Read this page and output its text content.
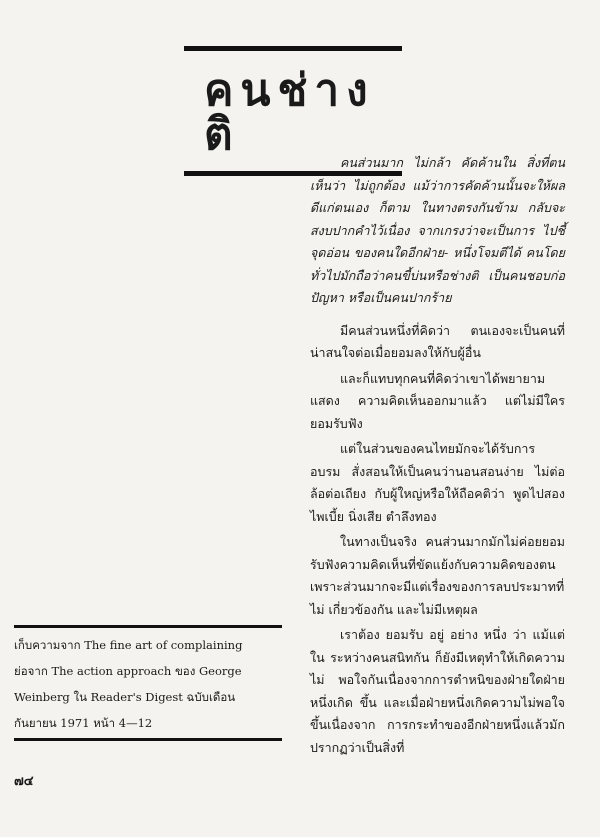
คนช่างติ

คนส่วนมาก ไม่กล้า คัดค้านใน สิ่งที่ตนเห็นว่า ไม่ถูกต้อง แม้ว่าการคัดค้านนั้นจะให้ผลดีแก่ตนเอง ก็ตาม ในทางตรงกันข้าม กลับจะสงบปากคำไว้เนื่อง จากเกรงว่าจะเป็นการ ไปชี้จุดอ่อน ของคนใดอีกฝ่าย- หนึ่งโจมตีได้ คนโดยทั่วไปมักถือว่าคนขี้บ่นหรือช่างติ เป็นคนชอบก่อปัญหา หรือเป็นคนปากร้าย

มีคนส่วนหนึ่งที่คิดว่า ตนเองจะเป็นคนที่ น่าสนใจต่อเมื่อยอมลงให้กับผู้อื่น

และก็แทบทุกคนที่คิดว่าเขาได้พยายามแสดง ความคิดเห็นออกมาแล้ว แต่ไม่มีใครยอมรับฟัง

แต่ในส่วนของคนไทยมักจะได้รับการอบรม สั่งสอนให้เป็นคนว่านอนสอนง่าย ไม่ต่อล้อต่อเถียง กับผู้ใหญ่หรือให้ถือคติว่า พูดไปสองไพเบี้ย นิ่งเสีย ตำลึงทอง

ในทางเป็นจริง คนส่วนมากมักไม่ค่อยยอม รับฟังความคิดเห็นที่ขัดแย้งกับความคิดของตน เพราะส่วนมากจะมีแต่เรื่องของการลบประมาทที่ไม่ เกี่ยวข้องกัน และไม่มีเหตุผล

เราต้อง ยอมรับ อยู่ อย่าง หนึ่ง ว่า แม้แต่ ใน ระหว่างคนสนิทกัน ก็ยังมีเหตุทำให้เกิดความไม่ พอใจกันเนื่องจากการตำหนิของฝ่ายใดฝ่ายหนึ่งเกิด ขึ้น และเมื่อฝ่ายหนึ่งเกิดความไม่พอใจขึ้นเนื่องจาก การกระทำของอีกฝ่ายหนึ่งแล้วมักปรากฏว่าเป็นสิ่งที่

เก็บความจาก The fine art of complaining
ย่อจาก The action approach ของ George
Weinberg ใน Reader's Digest ฉบับเดือน
กันยายน 1971 หน้า 4—12
๗๔
